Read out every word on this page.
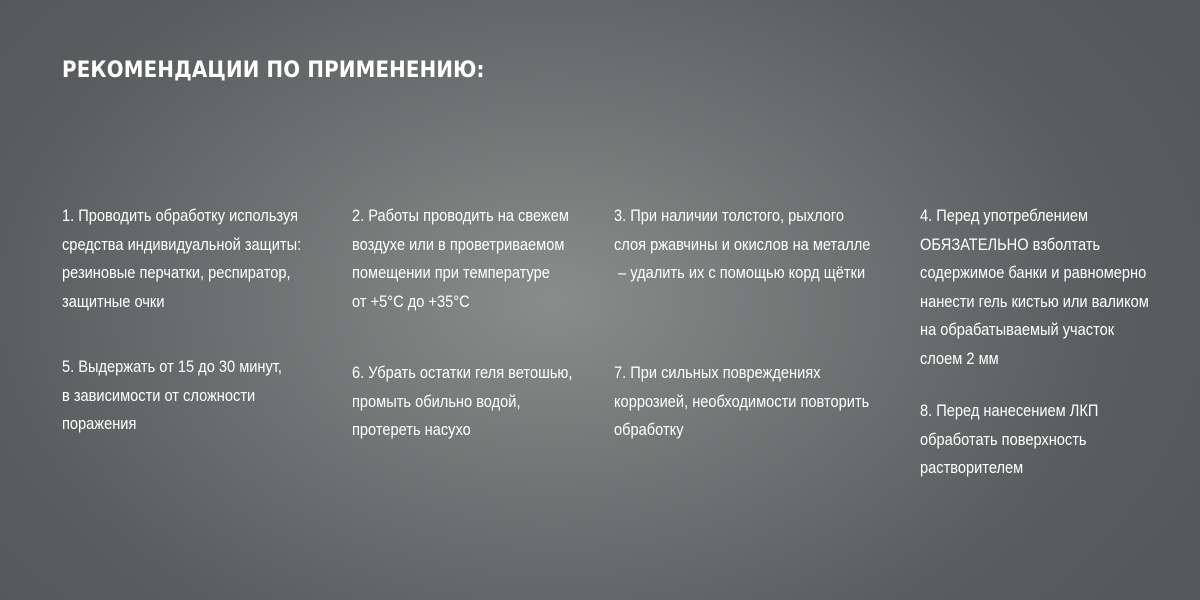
РЕКОМЕНДАЦИИ ПО ПРИМЕНЕНИЮ:

1. Проводить обработку используя
средства индивидуальной защиты:
резиновые перчатки, респиратор,
защитные очки

2. Работы проводить на свежем
воздухе или в проветриваемом
помещении при температуре
от +5°С до +35°С

3. При наличии толстого, рыхлого
слоя ржавчины и окислов на металле
– удалить их с помощью корд щётки

4. Перед употреблением
ОБЯЗАТЕЛЬНО взболтать
содержимое банки и равномерно
нанести гель кистью или валиком
на обрабатываемый участок
слоем 2 мм

5. Выдержать от 15 до 30 минут,
в зависимости от сложности
поражения

6. Убрать остатки геля ветошью,
промыть обильно водой,
протереть насухо

7. При сильных повреждениях
коррозией, необходимости повторить
обработку

8. Перед нанесением ЛКП
обработать поверхность
растворителем
